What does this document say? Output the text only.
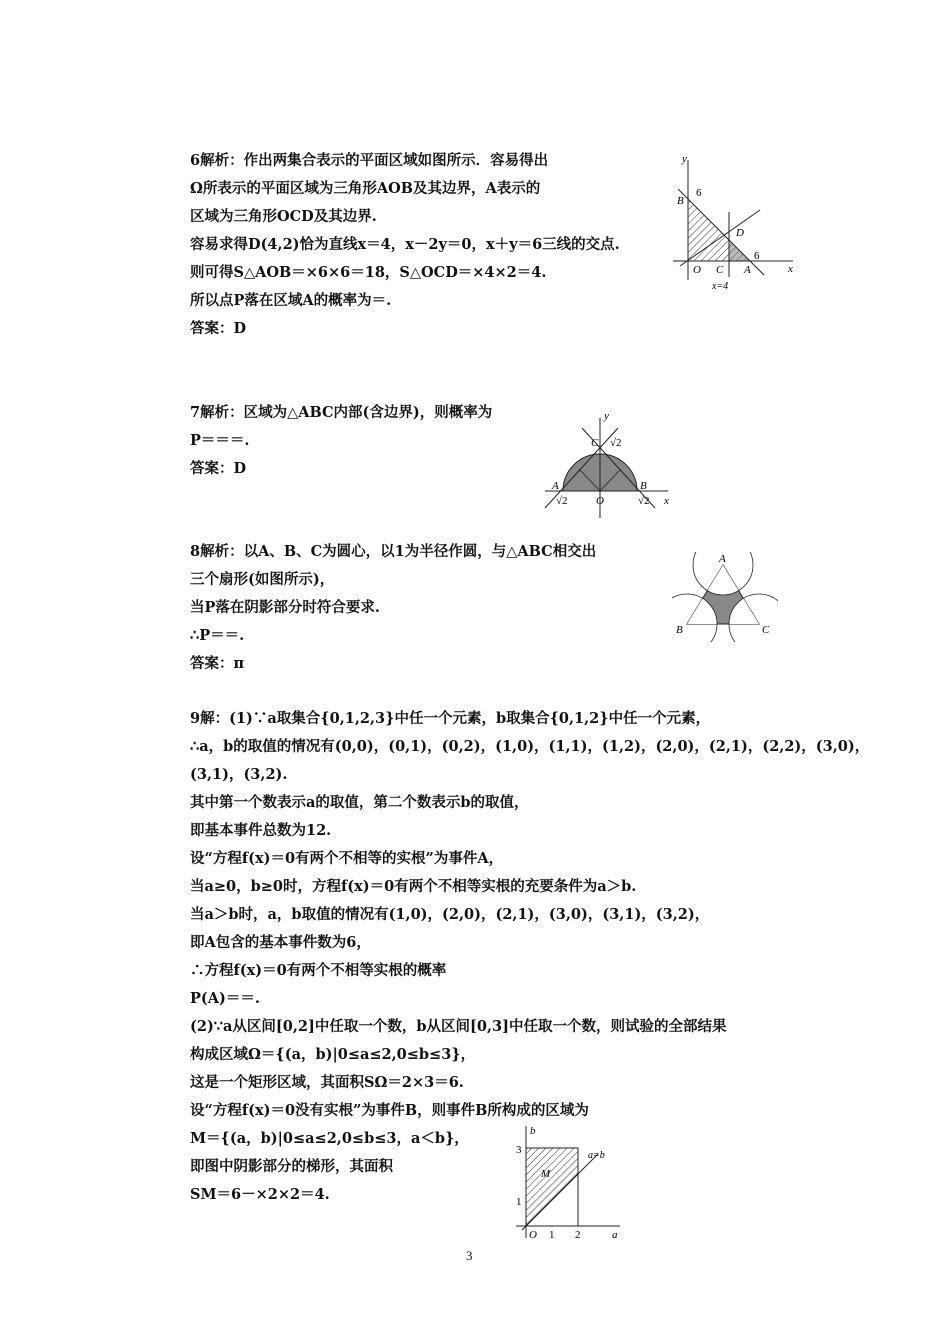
6解析：作出两集合表示的平面区域如图所示．容易得出
Ω所表示的平面区域为三角形AOB及其边界，A表示的
区域为三角形OCD及其边界.
容易求得D(4,2)恰为直线x＝4，x－2y＝0，x＋y＝6三线的交点.
则可得S△AOB＝×6×6＝18，S△OCD＝×4×2＝4.
所以点P落在区域A的概率为＝.
答案：D
y
x
6
B
D
O C A
6
x=4
7解析：区域为△ABC内部(含边界)，则概率为
P＝＝＝.
答案：D
y
x
C √2
A	B
O
√2	√2
8解析：以A、B、C为圆心，以1为半径作圆，与△ABC相交出
三个扇形(如图所示)，
当P落在阴影部分时符合要求.
∴P＝＝.
答案：π
A
B	C
9解：(1)∵a取集合{0,1,2,3}中任一个元素，b取集合{0,1,2}中任一个元素，
∴a，b的取值的情况有(0,0)，(0,1)，(0,2)，(1,0)，(1,1)，(1,2)，(2,0)，(2,1)，(2,2)，(3,0)，
(3,1)，(3,2).
其中第一个数表示a的取值，第二个数表示b的取值，
即基本事件总数为12.
设“方程f(x)＝0有两个不相等的实根”为事件A，
当a≥0，b≥0时，方程f(x)＝0有两个不相等实根的充要条件为a＞b.
当a＞b时，a，b取值的情况有(1,0)，(2,0)，(2,1)，(3,0)，(3,1)，(3,2)，
即A包含的基本事件数为6，
∴方程f(x)＝0有两个不相等实根的概率
P(A)＝＝.
(2)∵a从区间[0,2]中任取一个数，b从区间[0,3]中任取一个数，则试验的全部结果
构成区域Ω＝{(a，b)|0≤a≤2,0≤b≤3}，
这是一个矩形区域，其面积SΩ＝2×3＝6.
设“方程f(x)＝0没有实根”为事件B，则事件B所构成的区域为
M＝{(a，b)|0≤a≤2,0≤b≤3，a＜b}，
即图中阴影部分的梯形，其面积
SM＝6－×2×2＝4.
b
a
3
1
O 1 2
M
a=b
3
